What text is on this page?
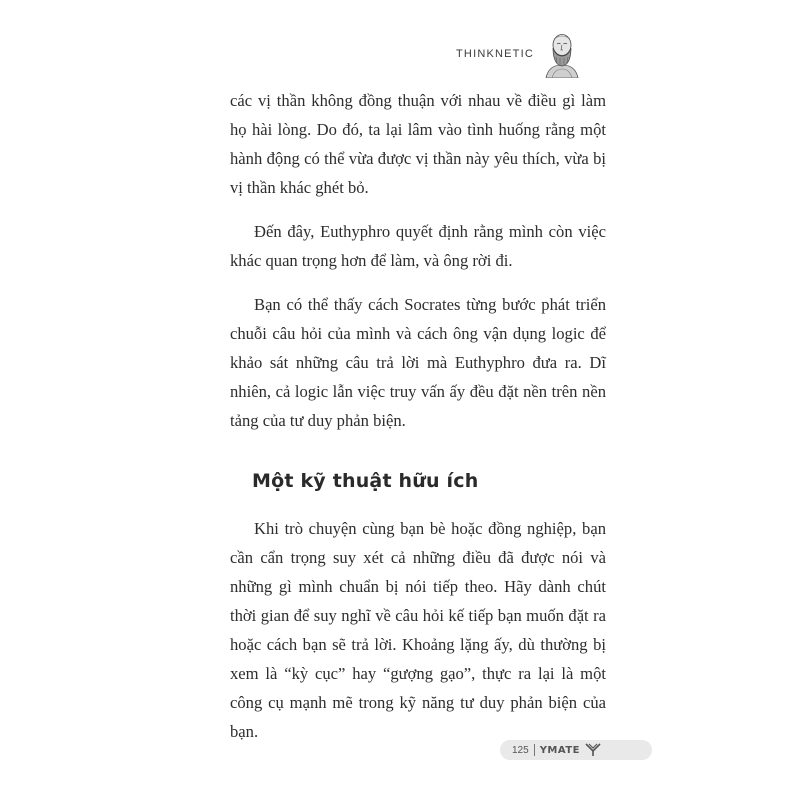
THINKNETIC

các vị thần không đồng thuận với nhau về điều gì làm họ hài lòng. Do đó, ta lại lâm vào tình huống rằng một hành động có thể vừa được vị thần này yêu thích, vừa bị vị thần khác ghét bỏ.

Đến đây, Euthyphro quyết định rằng mình còn việc khác quan trọng hơn để làm, và ông rời đi.

Bạn có thể thấy cách Socrates từng bước phát triển chuỗi câu hỏi của mình và cách ông vận dụng logic để khảo sát những câu trả lời mà Euthyphro đưa ra. Dĩ nhiên, cả logic lẫn việc truy vấn ấy đều đặt nền trên nền tảng của tư duy phản biện.

Một kỹ thuật hữu ích

Khi trò chuyện cùng bạn bè hoặc đồng nghiệp, bạn cần cẩn trọng suy xét cả những điều đã được nói và những gì mình chuẩn bị nói tiếp theo. Hãy dành chút thời gian để suy nghĩ về câu hỏi kế tiếp bạn muốn đặt ra hoặc cách bạn sẽ trả lời. Khoảng lặng ấy, dù thường bị xem là “kỳ cục” hay “gượng gạo”, thực ra lại là một công cụ mạnh mẽ trong kỹ năng tư duy phản biện của bạn.

125 YMATE
